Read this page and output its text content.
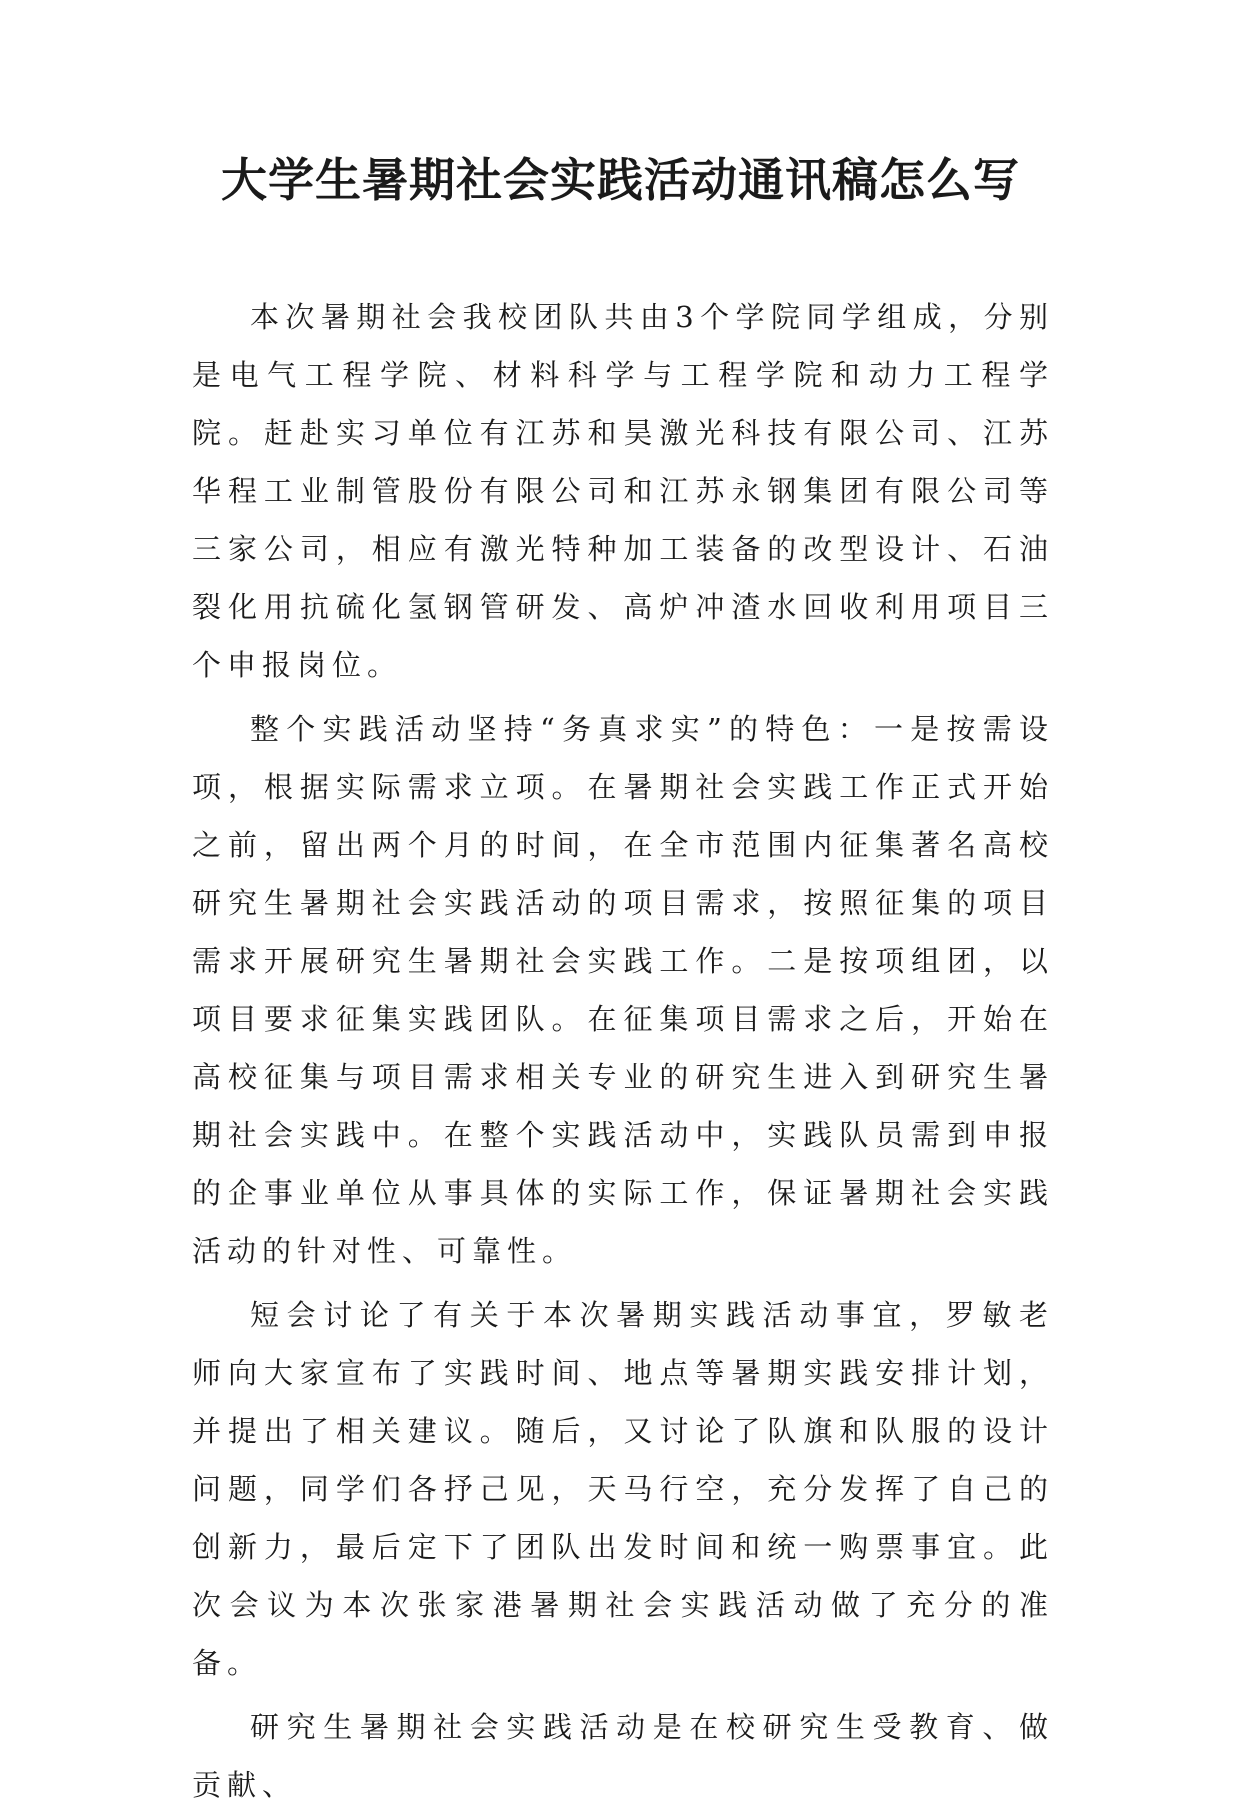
大学生暑期社会实践活动通讯稿怎么写

本次暑期社会我校团队共由3个学院同学组成，分别是电气工程学院、材料科学与工程学院和动力工程学院。赶赴实习单位有江苏和昊激光科技有限公司、江苏华程工业制管股份有限公司和江苏永钢集团有限公司等三家公司，相应有激光特种加工装备的改型设计、石油裂化用抗硫化氢钢管研发、高炉冲渣水回收利用项目三个申报岗位。

整个实践活动坚持“务真求实”的特色：一是按需设项，根据实际需求立项。在暑期社会实践工作正式开始之前，留出两个月的时间，在全市范围内征集著名高校研究生暑期社会实践活动的项目需求，按照征集的项目需求开展研究生暑期社会实践工作。二是按项组团，以项目要求征集实践团队。在征集项目需求之后，开始在高校征集与项目需求相关专业的研究生进入到研究生暑期社会实践中。在整个实践活动中，实践队员需到申报的企事业单位从事具体的实际工作，保证暑期社会实践活动的针对性、可靠性。

短会讨论了有关于本次暑期实践活动事宜，罗敏老师向大家宣布了实践时间、地点等暑期实践安排计划，并提出了相关建议。随后，又讨论了队旗和队服的设计问题，同学们各抒己见，天马行空，充分发挥了自己的创新力，最后定下了团队出发时间和统一购票事宜。此次会议为本次张家港暑期社会实践活动做了充分的准备。

研究生暑期社会实践活动是在校研究生受教育、做贡献、
